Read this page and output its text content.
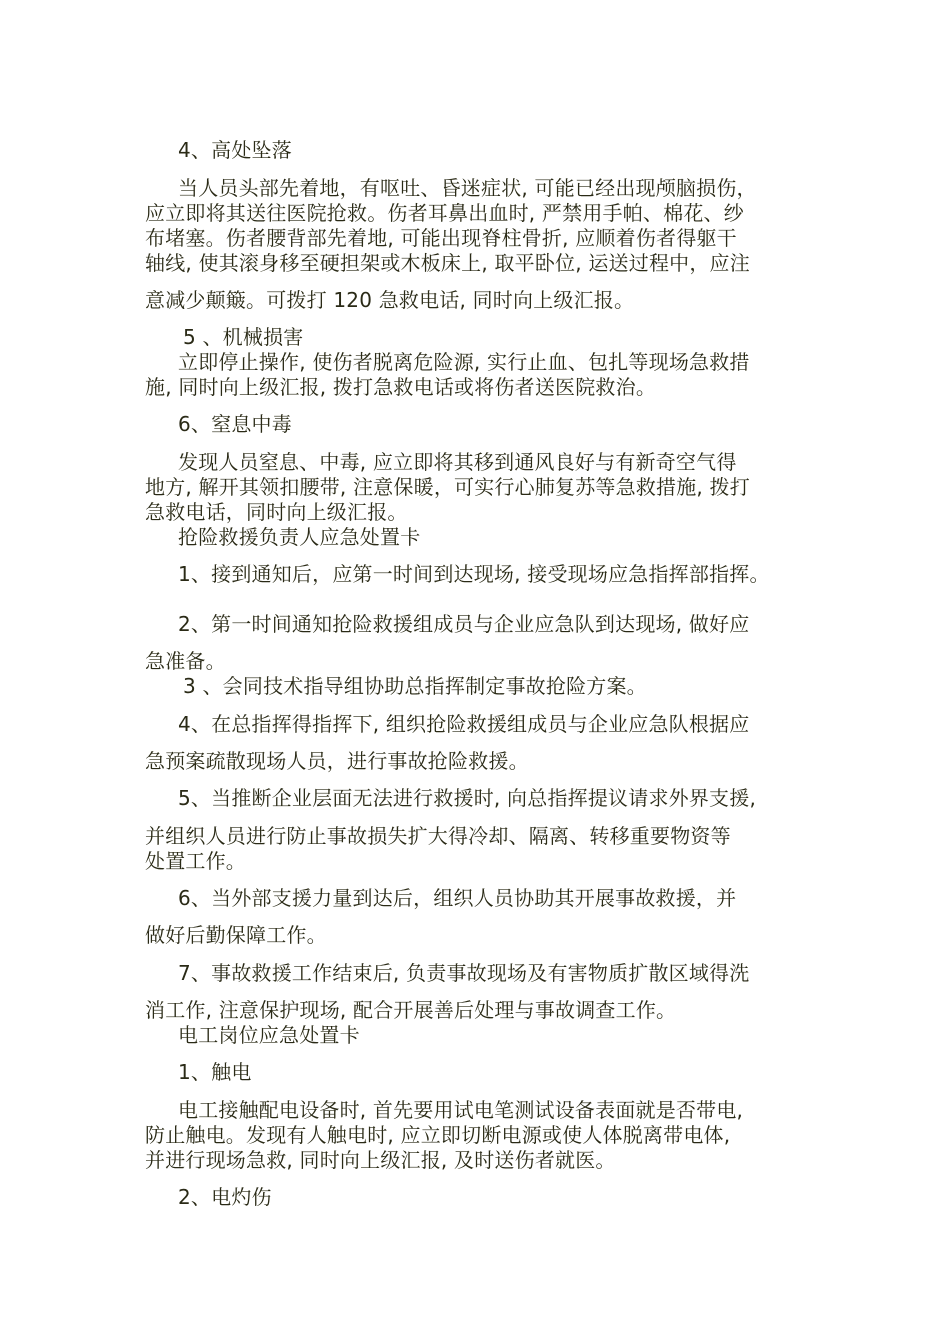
4、高处坠落
当人员头部先着地，有呕吐、昏迷症状, 可能已经出现颅脑损伤，
应立即将其送往医院抢救。伤者耳鼻出血时, 严禁用手帕、棉花、纱
布堵塞。伤者腰背部先着地, 可能出现脊柱骨折, 应顺着伤者得躯干
轴线, 使其滚身移至硬担架或木板床上, 取平卧位, 运送过程中，应注
意减少颠簸。可拨打 120 急救电话, 同时向上级汇报。
5 、机械损害
立即停止操作, 使伤者脱离危险源, 实行止血、包扎等现场急救措
施, 同时向上级汇报, 拨打急救电话或将伤者送医院救治。
6、窒息中毒
发现人员窒息、中毒, 应立即将其移到通风良好与有新奇空气得
地方, 解开其领扣腰带, 注意保暖，可实行心肺复苏等急救措施, 拨打
急救电话，同时向上级汇报。
抢险救援负责人应急处置卡
1、接到通知后，应第一时间到达现场, 接受现场应急指挥部指挥。
2、第一时间通知抢险救援组成员与企业应急队到达现场, 做好应
急准备。
3 、会同技术指导组协助总指挥制定事故抢险方案。
4、在总指挥得指挥下, 组织抢险救援组成员与企业应急队根据应
急预案疏散现场人员，进行事故抢险救援。
5、当推断企业层面无法进行救援时, 向总指挥提议请求外界支援,
并组织人员进行防止事故损失扩大得冷却、隔离、转移重要物资等
处置工作。
6、当外部支援力量到达后，组织人员协助其开展事故救援，并
做好后勤保障工作。
7、事故救援工作结束后, 负责事故现场及有害物质扩散区域得洗
消工作, 注意保护现场, 配合开展善后处理与事故调查工作。
电工岗位应急处置卡
1、触电
电工接触配电设备时, 首先要用试电笔测试设备表面就是否带电,
防止触电。发现有人触电时, 应立即切断电源或使人体脱离带电体,
并进行现场急救, 同时向上级汇报, 及时送伤者就医。
2、电灼伤
